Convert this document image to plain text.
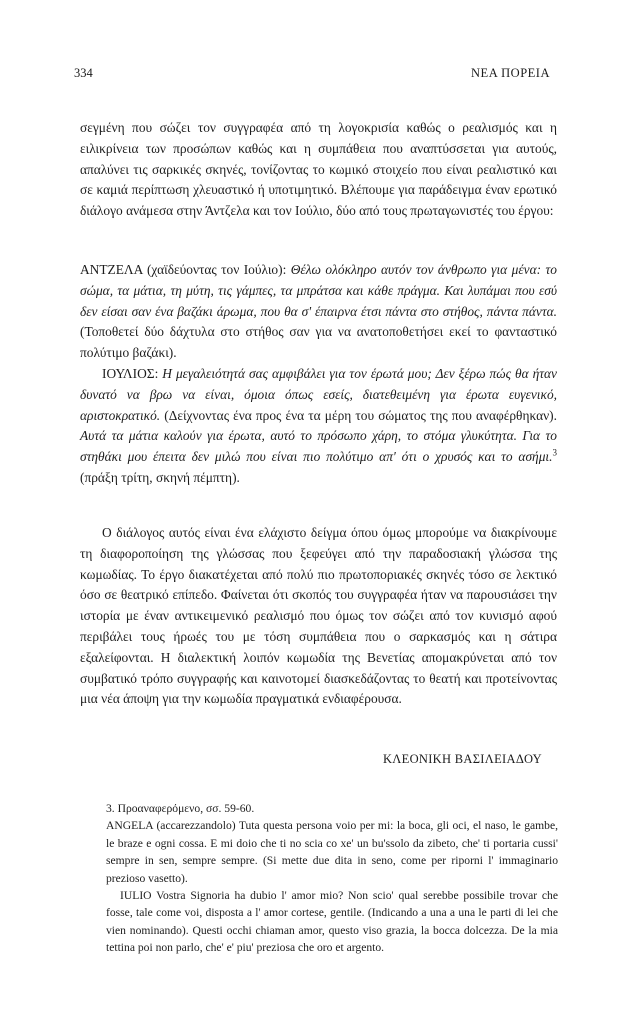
334	ΝΕΑ ΠΟΡΕΙΑ

σεγμένη που σώζει τον συγγραφέα από τη λογοκρισία καθώς ο ρεαλισμός και η ειλικρίνεια των προσώπων καθώς και η συμπάθεια που αναπτύσσεται για αυτούς, απαλύνει τις σαρκικές σκηνές, τονίζοντας το κωμικό στοιχείο που είναι ρεαλιστικό και σε καμιά περίπτωση χλευαστικό ή υποτιμητικό. Βλέπουμε για παράδειγμα έναν ερωτικό διάλογο ανάμεσα στην Άντζελα και τον Ιούλιο, δύο από τους πρωταγωνιστές του έργου:

ΑΝΤΖΕΛΑ (χαϊδεύοντας τον Ιούλιο): Θέλω ολόκληρο αυτόν τον άνθρωπο για μένα: το σώμα, τα μάτια, τη μύτη, τις γάμπες, τα μπράτσα και κάθε πράγμα. Και λυπάμαι που εσύ δεν είσαι σαν ένα βαζάκι άρωμα, που θα σ' έπαιρνα έτσι πάντα στο στήθος, πάντα πάντα. (Τοποθετεί δύο δάχτυλα στο στήθος σαν για να ανατοποθετήσει εκεί το φανταστικό πολύτιμο βαζάκι).

ΙΟΥΛΙΟΣ: Η μεγαλειότητά σας αμφιβάλει για τον έρωτά μου; Δεν ξέρω πώς θα ήταν δυνατό να βρω να είναι, όμοια όπως εσείς, διατεθειμένη για έρωτα ευγενικό, αριστοκρατικό. (Δείχνοντας ένα προς ένα τα μέρη του σώματος της που αναφέρθηκαν). Αυτά τα μάτια καλούν για έρωτα, αυτό το πρόσωπο χάρη, το στόμα γλυκύτητα. Για το στηθάκι μου έπειτα δεν μιλώ που είναι πιο πολύτιμο απ' ότι ο χρυσός και το ασήμι.$^3$ (πράξη τρίτη, σκηνή πέμπτη).

Ο διάλογος αυτός είναι ένα ελάχιστο δείγμα όπου όμως μπορούμε να διακρίνουμε τη διαφοροποίηση της γλώσσας που ξεφεύγει από την παραδοσιακή γλώσσα της κωμωδίας. Το έργο διακατέχεται από πολύ πιο πρωτοποριακές σκηνές τόσο σε λεκτικό όσο σε θεατρικό επίπεδο. Φαίνεται ότι σκοπός του συγγραφέα ήταν να παρουσιάσει την ιστορία με έναν αντικειμενικό ρεαλισμό που όμως τον σώζει από τον κυνισμό αφού περιβάλει τους ήρωές του με τόση συμπάθεια που ο σαρκασμός και η σάτιρα εξαλείφονται. Η διαλεκτική λοιπόν κωμωδία της Βενετίας απομακρύνεται από τον συμβατικό τρόπο συγγραφής και καινοτομεί διασκεδάζοντας το θεατή και προτείνοντας μια νέα άποψη για την κωμωδία πραγματικά ενδιαφέρουσα.

ΚΛΕΟΝΙΚΗ ΒΑΣΙΛΕΙΑΔΟΥ

3. Προαναφερόμενο, σσ. 59-60.

ANGELA (accarezzandolo) Tuta questa persona voio per mi: la boca, gli oci, el naso, le gambe, le braze e ogni cossa. E mi doio che ti no scia co xe' un bu'ssolo da zibeto, che' ti portaria cussi' sempre in sen, sempre sempre. (Si mette due dita in seno, come per riporni l' immaginario prezioso vasetto).

IULIO Vostra Signoria ha dubio l' amor mio? Non scio' qual serebbe possibile trovar che fosse, tale come voi, disposta a l' amor cortese, gentile. (Indicando a una a una le parti di lei che vien nominando). Questi occhi chiaman amor, questo viso grazia, la bocca dolcezza. De la mia tettina poi non parlo, che' e' piu' preziosa che oro et argento.
